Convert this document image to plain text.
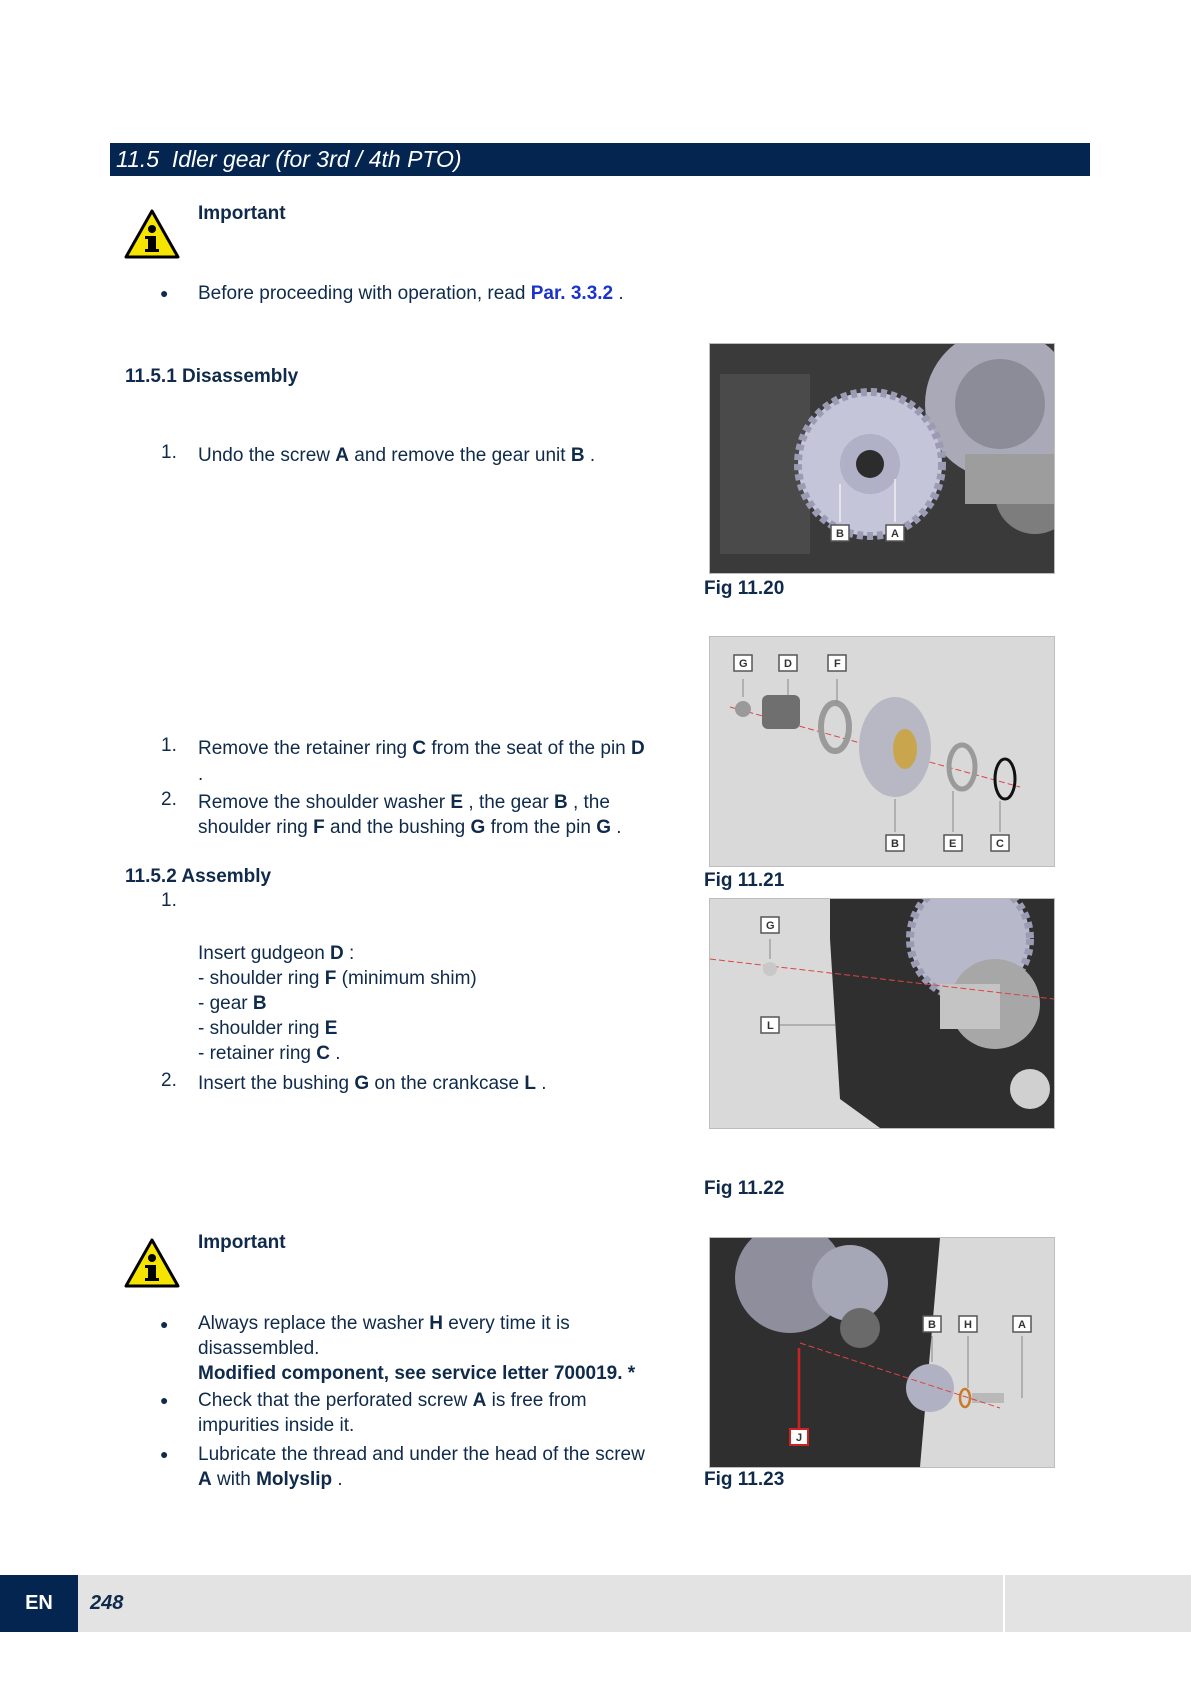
11.5 Idler gear (for 3rd / 4th PTO)
Important
● Before proceeding with operation, read Par. 3.3.2 .
11.5.1 Disassembly
1. Undo the screw A and remove the gear unit B .
1. Remove the retainer ring C from the seat of the pin D
.
2. Remove the shoulder washer E , the gear B , the
shoulder ring F and the bushing G from the pin G .
11.5.2 Assembly
1.
Insert gudgeon D :
- shoulder ring F (minimum shim)
- gear B
- shoulder ring E
- retainer ring C .
2. Insert the bushing G on the crankcase L .
Important
● Always replace the washer H every time it is
disassembled.
Modified component, see service letter 700019. *
● Check that the perforated screw A is free from
impurities inside it.
● Lubricate the thread and under the head of the screw
A with Molyslip .
B	A
Fig 11.20
G	D	F
B	E	C
Fig 11.21
G
L
Fig 11.22
B	H	A
J
Fig 11.23
EN	248
